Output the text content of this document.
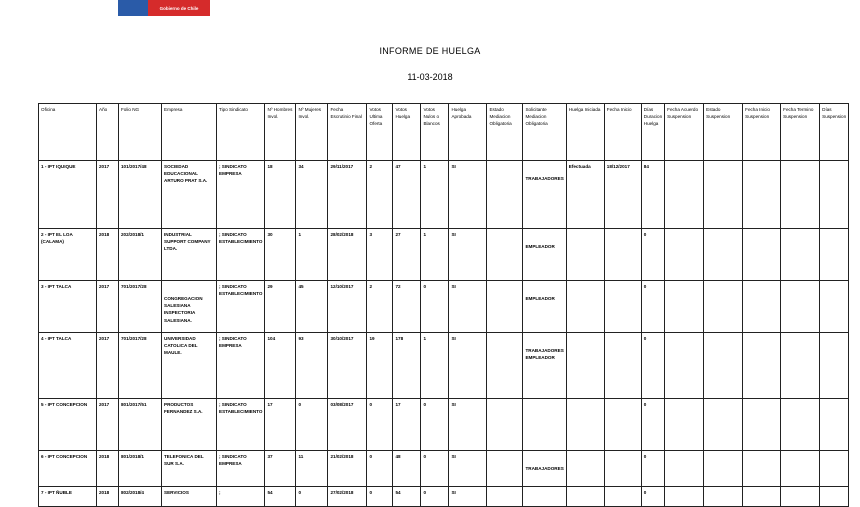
Gobierno de Chile
INFORME DE HUELGA
11-03-2018
Oficina	Año	Folio NG	Empresa	Tipo Sindicato	Nº Hombres Invol.	Nº Mujeres Invol.	Fecha Escrutinio Final	Votos Ultima Oferta	Votos Huelga	Votos Nulos o Blancos	Huelga Aprobada	Estado Mediacion Obligatoria	Solicitante Mediacion Obligatoria	Huelga Iniciada	Fecha Inicio	Días Duracion Huelga	Fecha Acuerdo Suspension	Estado Suspension	Fecha Inicio Suspension	Fecha Termino Suspension	Días Suspension
1 - IPT IQUIQUE	2017	101/2017/48	SOCIEDAD EDUCACIONAL ARTURO PRAT S.A.	; SINDICATO EMPRESA	18	34	29/11/2017	2	47	1	SI		TRABAJADORES	Efectuada	18/12/2017	84					
2 - IPT EL LOA (CALAMA)	2018	202/2018/1	INDUSTRIAL SUPPORT COMPANY LTDA.	; SINDICATO ESTABLECIMIENTO	30	1	28/02/2018	3	27	1	SI		EMPLEADOR			0					
3 - IPT TALCA	2017	701/2017/28	CONGREGACION SALESIANA INSPECTORIA SALESIANA.	; SINDICATO ESTABLECIMIENTO	29	45	12/10/2017	2	72	0	SI		EMPLEADOR			0					
4 - IPT TALCA	2017	701/2017/28	UNIVERSIDAD CATOLICA DEL MAULE.	; SINDICATO EMPRESA	104	93	30/10/2017	19	178	1	SI		TRABAJADORES EMPLEADOR			0					
5 - IPT CONCEPCION	2017	801/2017/51	PRODUCTOS FERNANDEZ S.A.	; SINDICATO ESTABLECIMIENTO	17	0	03/08/2017	0	17	0	SI					0					
6 - IPT CONCEPCION	2018	801/2018/1	TELEFONICA DEL SUR S.A.	; SINDICATO EMPRESA	37	11	21/02/2018	0	48	0	SI		TRABAJADORES			0					
7 - IPT ÑUBLE	2018	802/2018/4	SERVICIOS	;	54	0	27/02/2018	0	54	0	SI					0					
